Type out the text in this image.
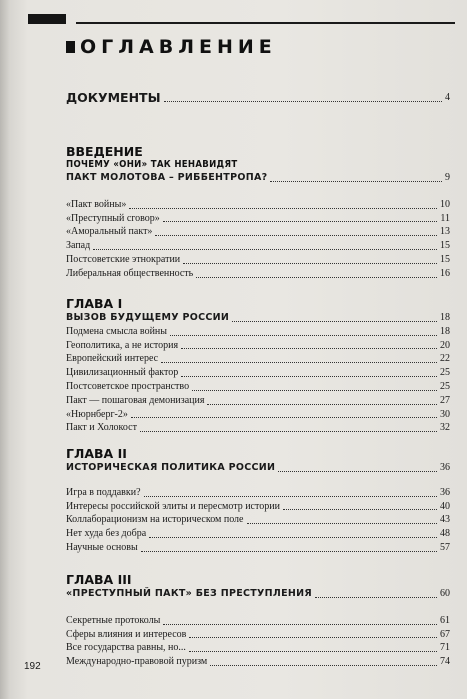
ОГЛАВЛЕНИЕ
ДОКУМЕНТЫ	4
ВВЕДЕНИЕ
ПОЧЕМУ «ОНИ» ТАК НЕНАВИДЯТ
ПАКТ МОЛОТОВА – РИББЕНТРОПА?	9
«Пакт войны»	10
«Преступный сговор»	11
«Аморальный пакт»	13
Запад	15
Постсоветские этнократии	15
Либеральная общественность	16
ГЛАВА I
ВЫЗОВ БУДУЩЕМУ РОССИИ	18
Подмена смысла войны	18
Геополитика, а не история	20
Европейский интерес	22
Цивилизационный фактор	25
Постсоветское пространство	25
Пакт — пошаговая демонизация	27
«Нюрнберг-2»	30
Пакт и Холокост	32
ГЛАВА II
ИСТОРИЧЕСКАЯ ПОЛИТИКА РОССИИ	36
Игра в поддавки?	36
Интересы российской элиты и пересмотр истории	40
Коллаборационизм на историческом поле	43
Нет худа без добра	48
Научные основы	57
ГЛАВА III
«ПРЕСТУПНЫЙ ПАКТ» БЕЗ ПРЕСТУПЛЕНИЯ	60
Секретные протоколы	61
Сферы влияния и интересов	67
Все государства равны, но...	71
Международно-правовой пуризм	74
192
